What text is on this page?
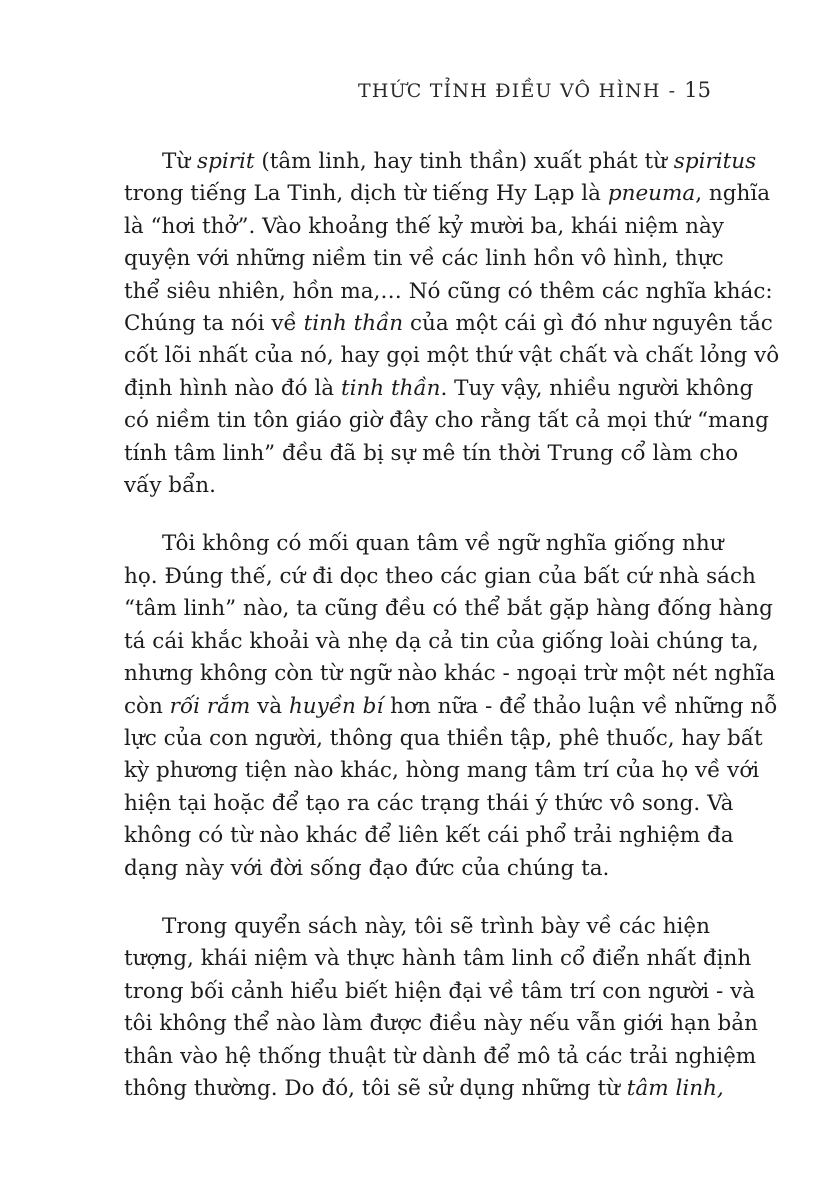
THỨC TỈNH ĐIỀU VÔ HÌNH - 15
Từ spirit (tâm linh, hay tinh thần) xuất phát từ spiritus
trong tiếng La Tinh, dịch từ tiếng Hy Lạp là pneuma, nghĩa
là “hơi thở”. Vào khoảng thế kỷ mười ba, khái niệm này
quyện với những niềm tin về các linh hồn vô hình, thực
thể siêu nhiên, hồn ma,… Nó cũng có thêm các nghĩa khác:
Chúng ta nói về tinh thần của một cái gì đó như nguyên tắc
cốt lõi nhất của nó, hay gọi một thứ vật chất và chất lỏng vô
định hình nào đó là tinh thần. Tuy vậy, nhiều người không
có niềm tin tôn giáo giờ đây cho rằng tất cả mọi thứ “mang
tính tâm linh” đều đã bị sự mê tín thời Trung cổ làm cho
vấy bẩn.
Tôi không có mối quan tâm về ngữ nghĩa giống như
họ. Đúng thế, cứ đi dọc theo các gian của bất cứ nhà sách
“tâm linh” nào, ta cũng đều có thể bắt gặp hàng đống hàng
tá cái khắc khoải và nhẹ dạ cả tin của giống loài chúng ta,
nhưng không còn từ ngữ nào khác - ngoại trừ một nét nghĩa
còn rối rắm và huyền bí hơn nữa - để thảo luận về những nỗ
lực của con người, thông qua thiền tập, phê thuốc, hay bất
kỳ phương tiện nào khác, hòng mang tâm trí của họ về với
hiện tại hoặc để tạo ra các trạng thái ý thức vô song. Và
không có từ nào khác để liên kết cái phổ trải nghiệm đa
dạng này với đời sống đạo đức của chúng ta.
Trong quyển sách này, tôi sẽ trình bày về các hiện
tượng, khái niệm và thực hành tâm linh cổ điển nhất định
trong bối cảnh hiểu biết hiện đại về tâm trí con người - và
tôi không thể nào làm được điều này nếu vẫn giới hạn bản
thân vào hệ thống thuật từ dành để mô tả các trải nghiệm
thông thường. Do đó, tôi sẽ sử dụng những từ tâm linh,
